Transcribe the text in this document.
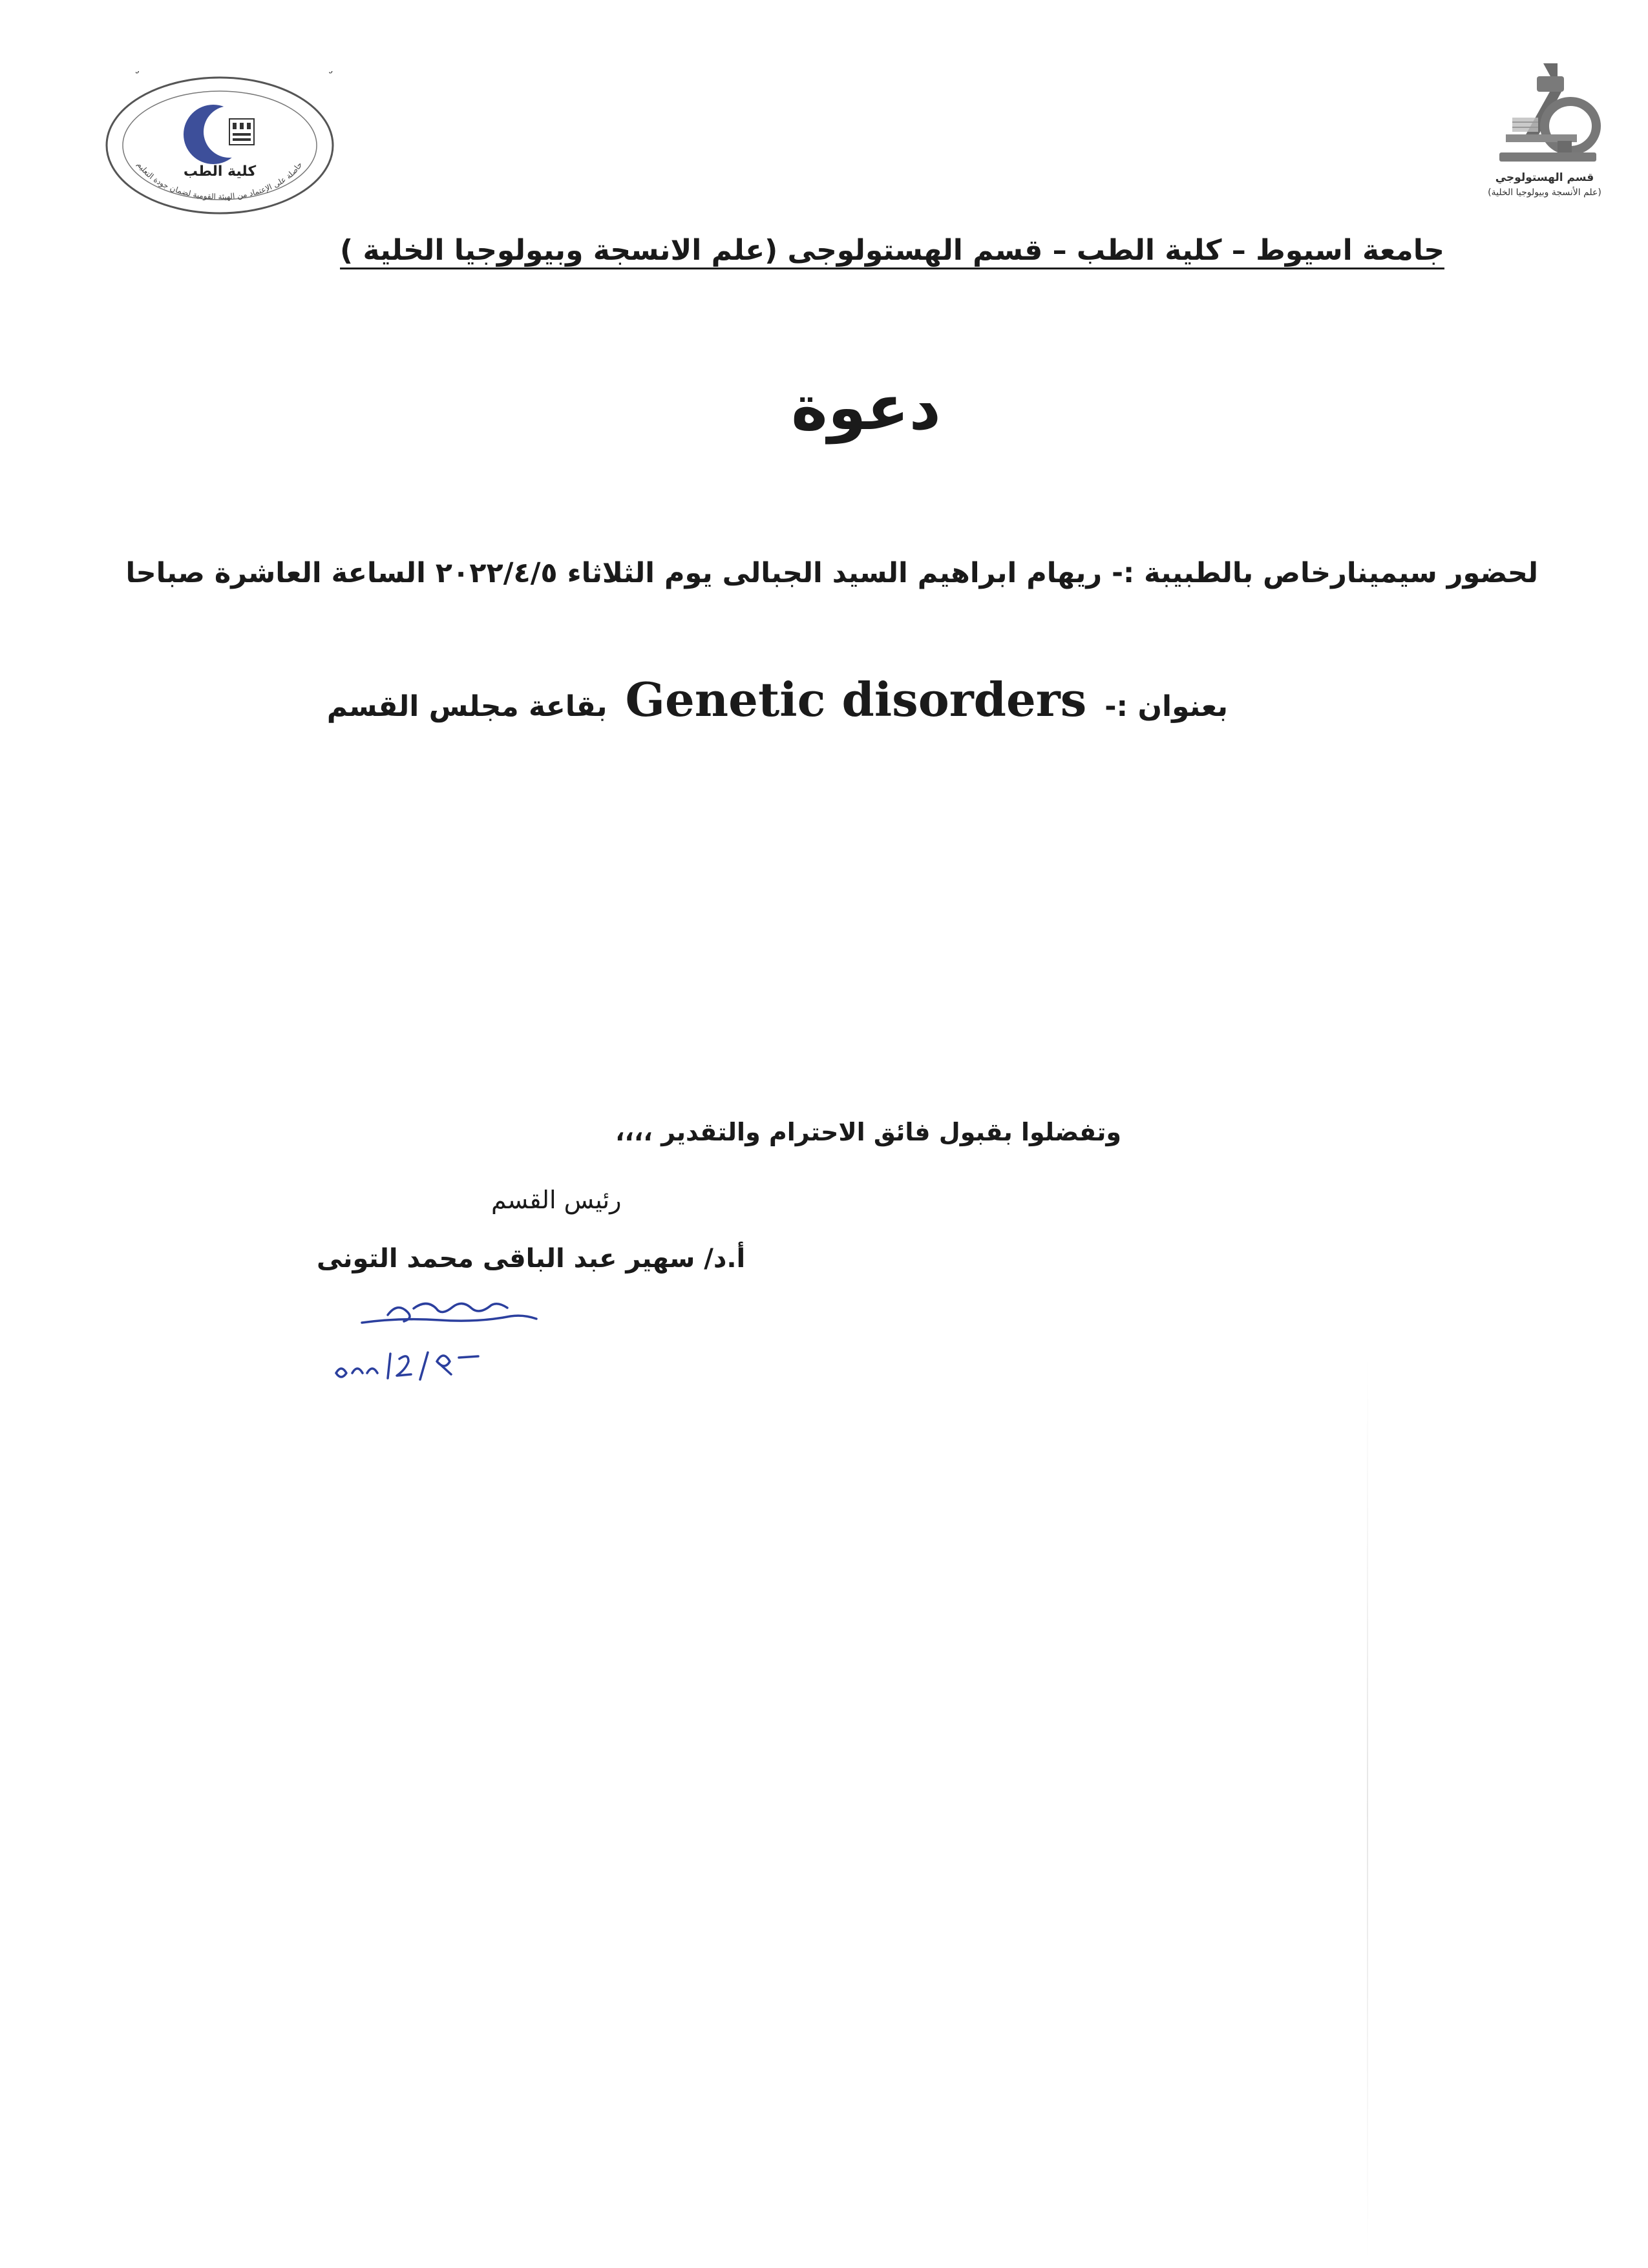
كلية الطب
حاصلة على الإعتماد من الهيئة القومية لضمان جودة التعليم
قسم الهستولوجي
(علم الأنسجة وبيولوجيا الخلية)
جامعة اسيوط – كلية الطب – قسم الهستولوجى (علم الانسجة وبيولوجيا الخلية )
دعوة
لحضور سيمينارخاص بالطبيبة :- ريهام ابراهيم السيد الجبالى يوم الثلاثاء ٢٠٢٢/٤/٥ الساعة العاشرة صباحا
بعنوان :-
Genetic disorders
بقاعة مجلس القسم
وتفضلوا بقبول فائق الاحترام والتقدير ،،،،
رئيس القسم
أ.د/ سهير عبد الباقى محمد التونى
